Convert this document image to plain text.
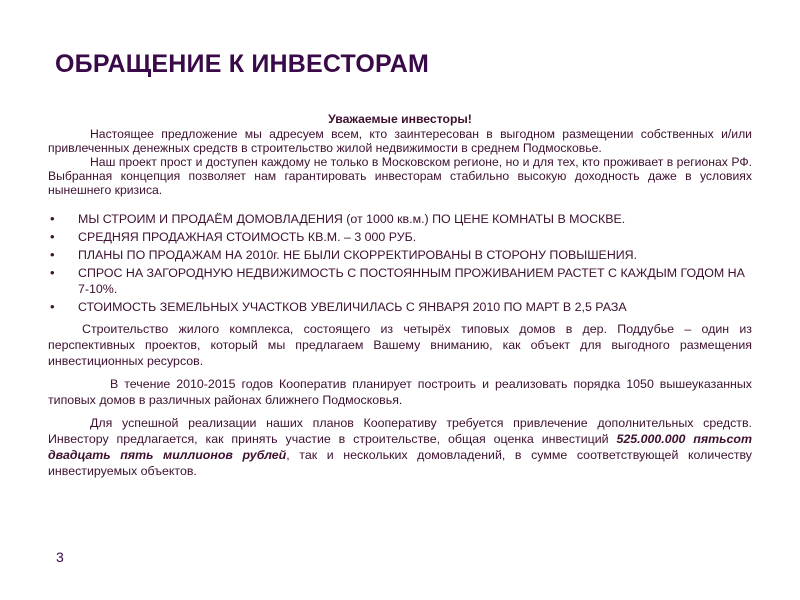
ОБРАЩЕНИЕ К ИНВЕСТОРАМ

Уважаемые инвесторы!

Настоящее предложение мы адресуем всем, кто заинтересован в выгодном размещении собственных и/или привлеченных денежных средств в строительство жилой недвижимости в среднем Подмосковье.

Наш проект прост и доступен каждому не только в Московском регионе, но и для тех, кто проживает в регионах РФ. Выбранная концепция позволяет нам гарантировать инвесторам стабильно высокую доходность даже в условиях нынешнего кризиса.

• МЫ СТРОИМ И ПРОДАЁМ ДОМОВЛАДЕНИЯ (от 1000 кв.м.) ПО ЦЕНЕ КОМНАТЫ В МОСКВЕ.
• СРЕДНЯЯ ПРОДАЖНАЯ СТОИМОСТЬ КВ.М. – 3 000 РУБ.
• ПЛАНЫ ПО ПРОДАЖАМ НА 2010г. НЕ БЫЛИ СКОРРЕКТИРОВАНЫ В СТОРОНУ ПОВЫШЕНИЯ.
• СПРОС НА ЗАГОРОДНУЮ НЕДВИЖИМОСТЬ С ПОСТОЯННЫМ ПРОЖИВАНИЕМ РАСТЕТ С КАЖДЫМ ГОДОМ НА 7-10%.
• СТОИМОСТЬ ЗЕМЕЛЬНЫХ УЧАСТКОВ УВЕЛИЧИЛАСЬ С ЯНВАРЯ 2010 ПО МАРТ В 2,5 РАЗА

Строительство жилого комплекса, состоящего из четырёх типовых домов в дер. Поддубье – один из перспективных проектов, который мы предлагаем Вашему вниманию, как объект для выгодного размещения инвестиционных ресурсов.

В течение 2010-2015 годов Кооператив планирует построить и реализовать порядка 1050 вышеуказанных типовых домов в различных районах ближнего Подмосковья.

Для успешной реализации наших планов Кооперативу требуется привлечение дополнительных средств. Инвестору предлагается, как принять участие в строительстве, общая оценка инвестиций 525.000.000 пятьсот двадцать пять миллионов рублей, так и нескольких домовладений, в сумме соответствующей количеству инвестируемых объектов.

3
